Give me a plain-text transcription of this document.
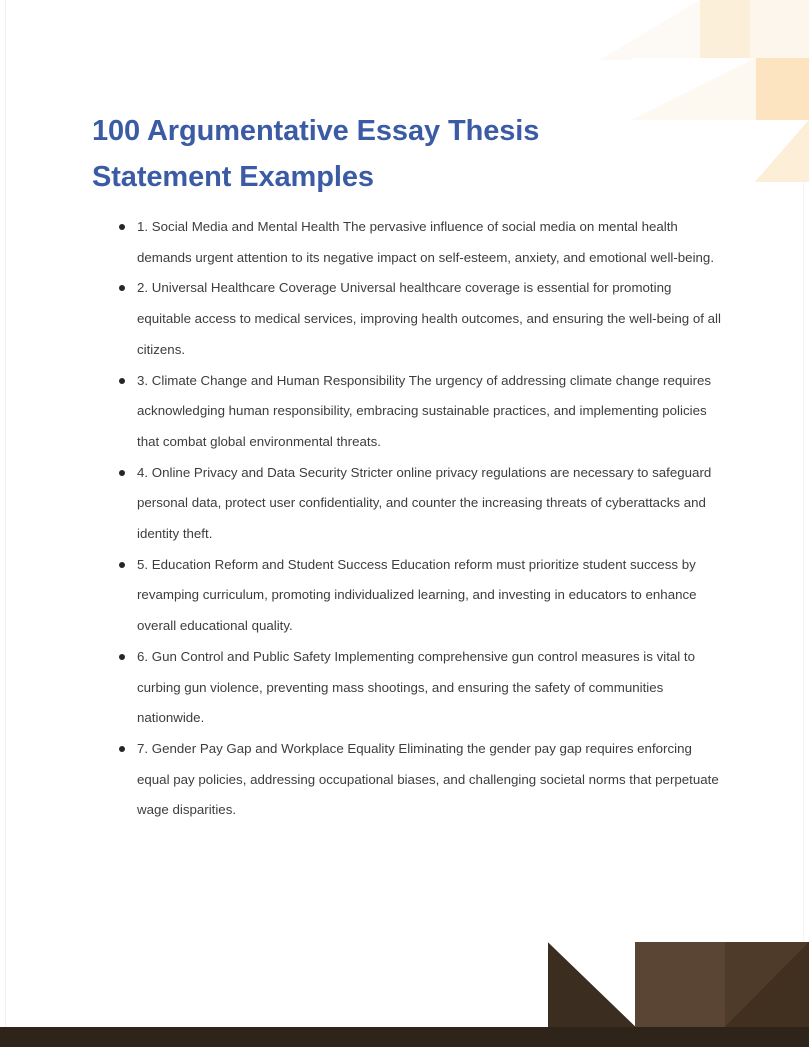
100 Argumentative Essay Thesis Statement Examples
1. Social Media and Mental Health The pervasive influence of social media on mental health demands urgent attention to its negative impact on self-esteem, anxiety, and emotional well-being.
2. Universal Healthcare Coverage Universal healthcare coverage is essential for promoting equitable access to medical services, improving health outcomes, and ensuring the well-being of all citizens.
3. Climate Change and Human Responsibility The urgency of addressing climate change requires acknowledging human responsibility, embracing sustainable practices, and implementing policies that combat global environmental threats.
4. Online Privacy and Data Security Stricter online privacy regulations are necessary to safeguard personal data, protect user confidentiality, and counter the increasing threats of cyberattacks and identity theft.
5. Education Reform and Student Success Education reform must prioritize student success by revamping curriculum, promoting individualized learning, and investing in educators to enhance overall educational quality.
6. Gun Control and Public Safety Implementing comprehensive gun control measures is vital to curbing gun violence, preventing mass shootings, and ensuring the safety of communities nationwide.
7. Gender Pay Gap and Workplace Equality Eliminating the gender pay gap requires enforcing equal pay policies, addressing occupational biases, and challenging societal norms that perpetuate wage disparities.
